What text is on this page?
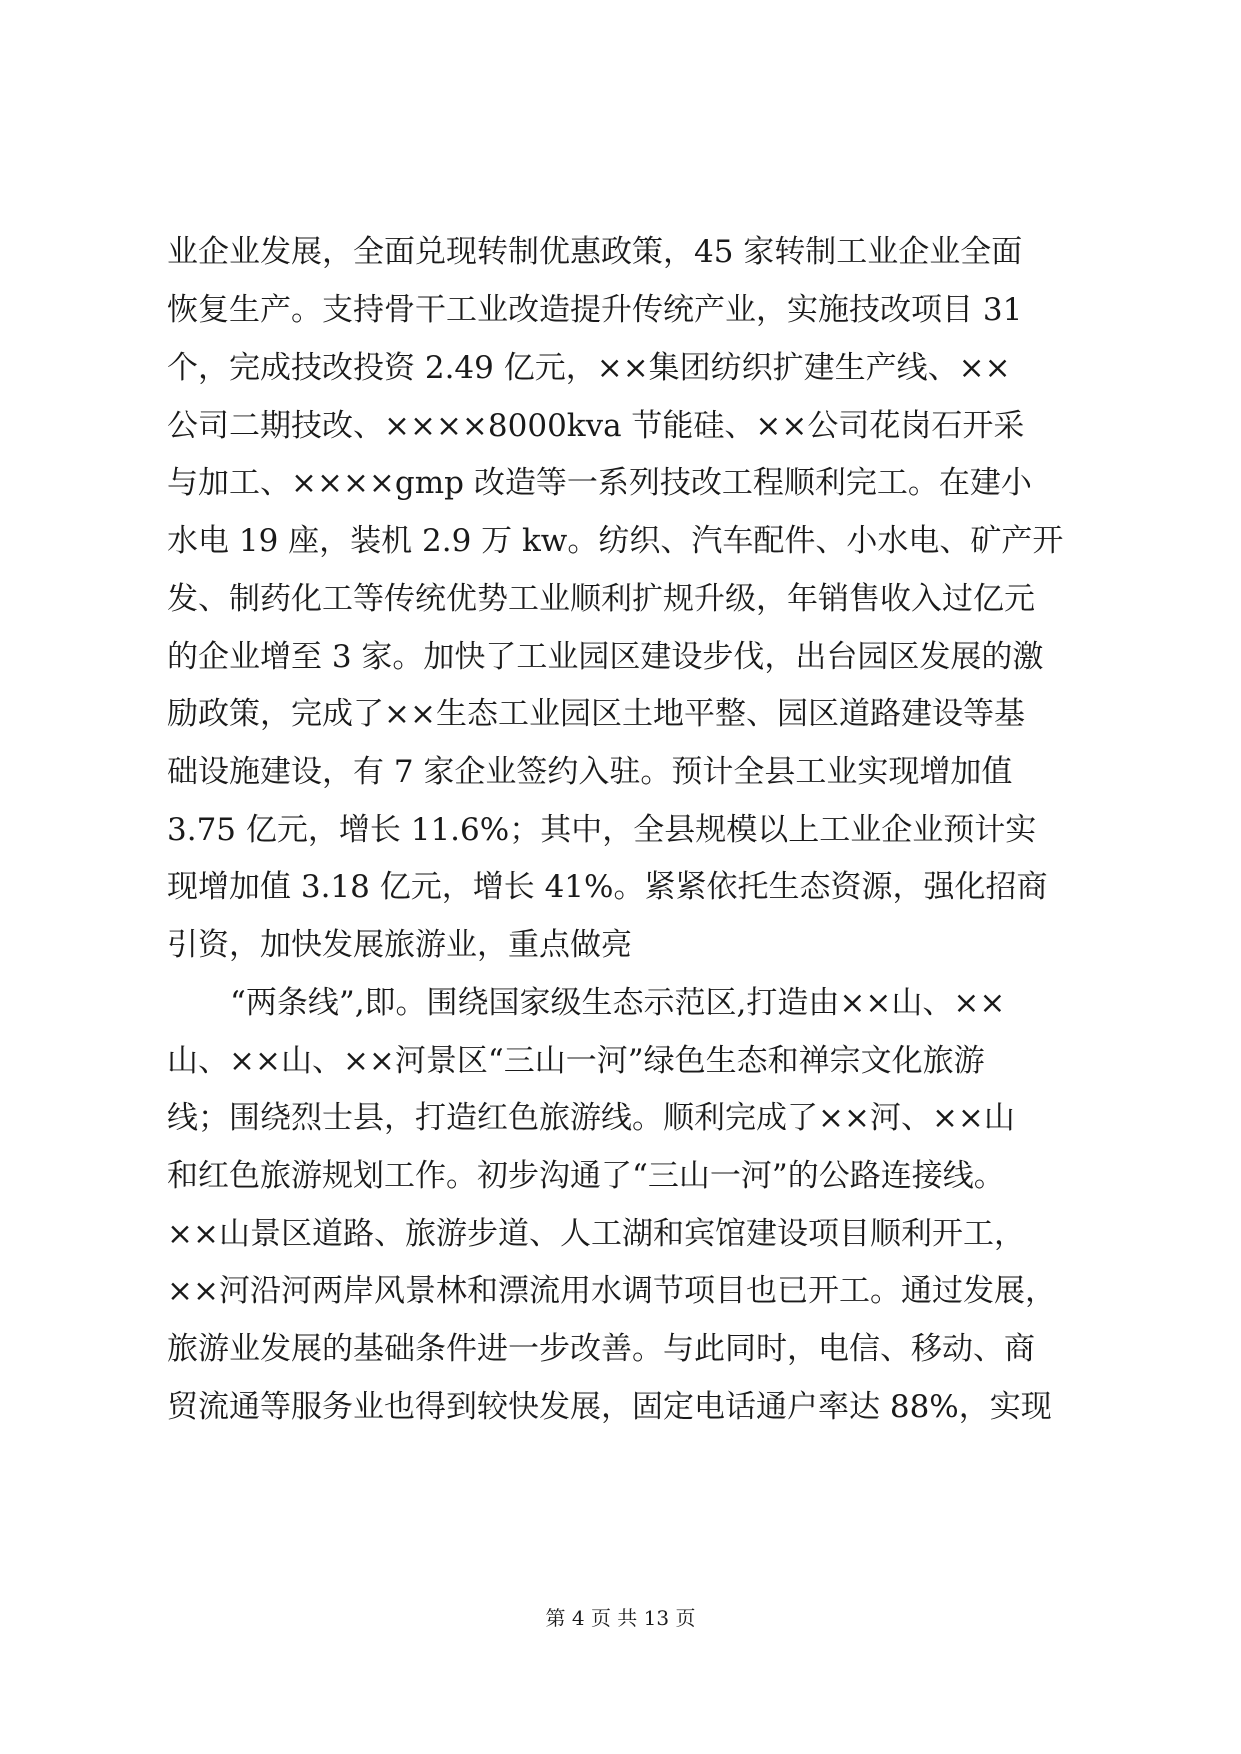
业企业发展，全面兑现转制优惠政策，45 家转制工业企业全面
恢复生产。支持骨干工业改造提升传统产业，实施技改项目 31
个，完成技改投资 2.49 亿元，××集团纺织扩建生产线、××
公司二期技改、××××8000kva 节能硅、××公司花岗石开采
与加工、××××gmp 改造等一系列技改工程顺利完工。在建小
水电 19 座，装机 2.9 万 kw。纺织、汽车配件、小水电、矿产开
发、制药化工等传统优势工业顺利扩规升级，年销售收入过亿元
的企业增至 3 家。加快了工业园区建设步伐，出台园区发展的激
励政策，完成了××生态工业园区土地平整、园区道路建设等基
础设施建设，有 7 家企业签约入驻。预计全县工业实现增加值
3.75 亿元，增长 11.6%；其中，全县规模以上工业企业预计实
现增加值 3.18 亿元，增长 41%。紧紧依托生态资源，强化招商
引资，加快发展旅游业，重点做亮
“两条线”,即。围绕国家级生态示范区,打造由××山、××
山、××山、××河景区“三山一河”绿色生态和禅宗文化旅游
线；围绕烈士县，打造红色旅游线。顺利完成了××河、××山
和红色旅游规划工作。初步沟通了“三山一河”的公路连接线。
××山景区道路、旅游步道、人工湖和宾馆建设项目顺利开工，
××河沿河两岸风景林和漂流用水调节项目也已开工。通过发展，
旅游业发展的基础条件进一步改善。与此同时，电信、移动、商
贸流通等服务业也得到较快发展，固定电话通户率达 88%，实现
第 4 页 共 13 页
